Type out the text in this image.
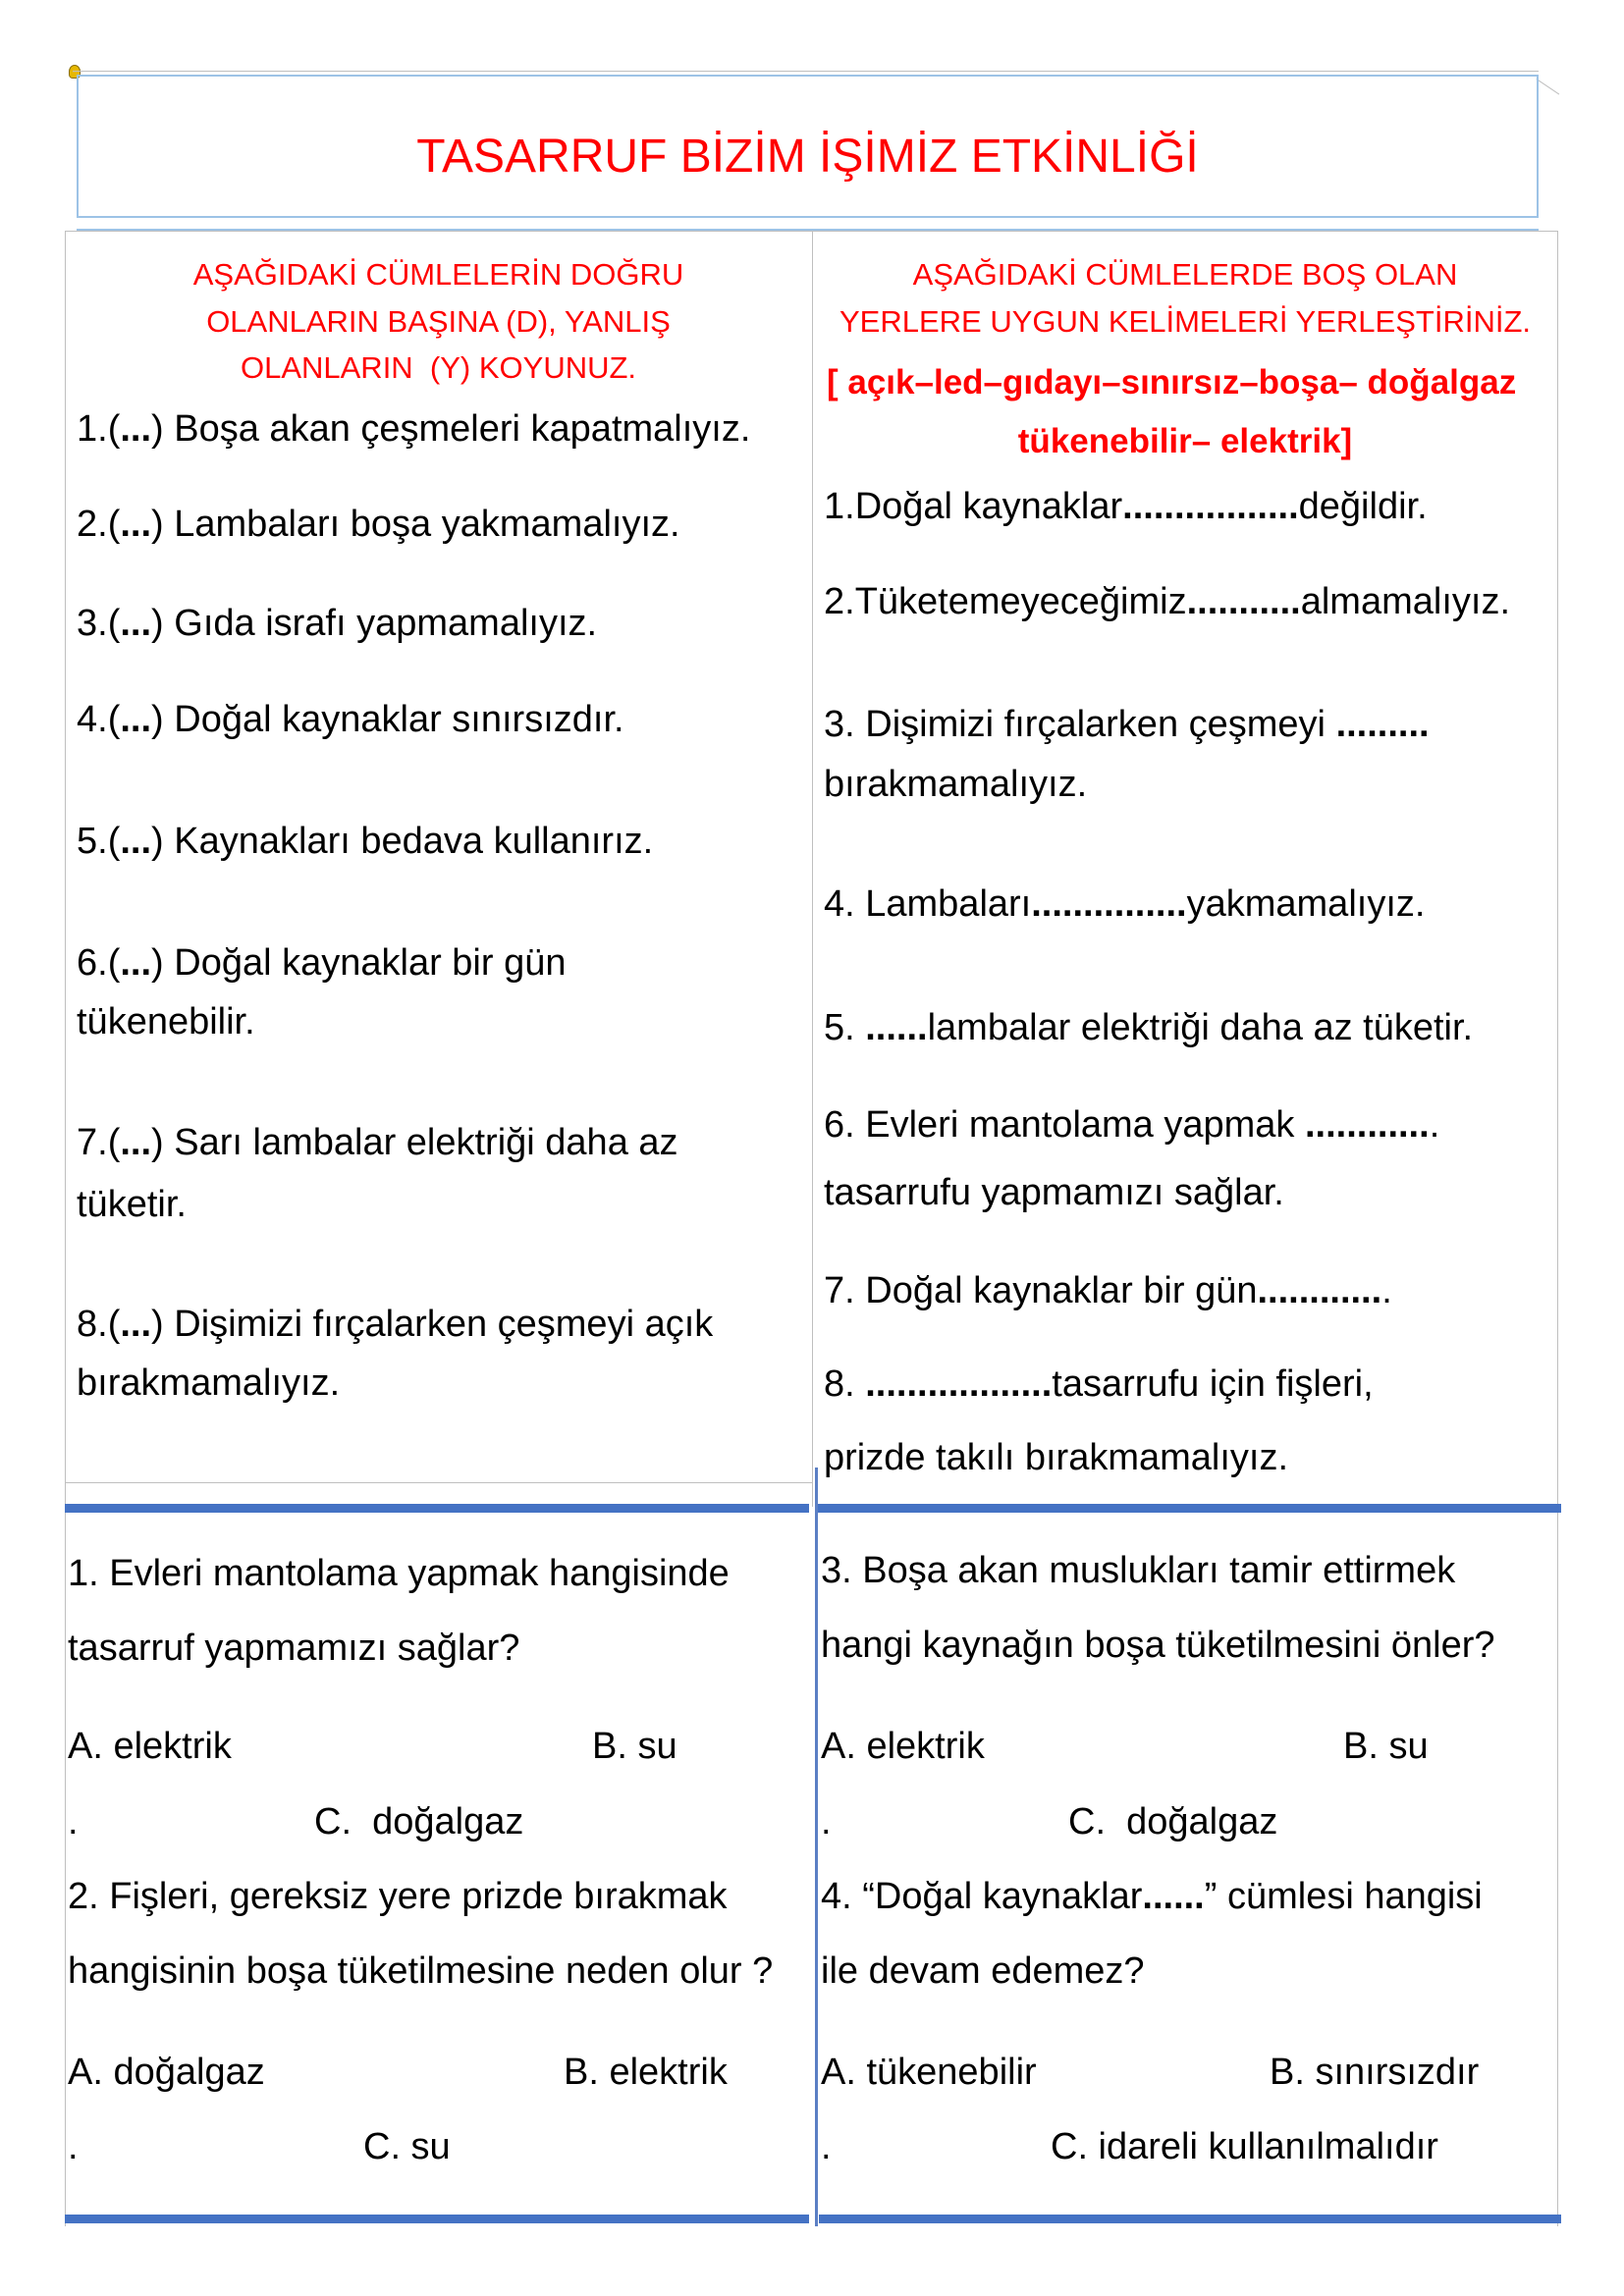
TASARRUF BİZİM İŞİMİZ ETKİNLİĞİ
AŞAĞIDAKİ CÜMLELERİN DOĞRU
OLANLARIN BAŞINA (D), YANLIŞ
OLANLARIN  (Y) KOYUNUZ.
1.(...) Boşa akan çeşmeleri kapatmalıyız.
2.(...) Lambaları boşa yakmamalıyız.
3.(...) Gıda israfı yapmamalıyız.
4.(...) Doğal kaynaklar sınırsızdır.
5.(...) Kaynakları bedava kullanırız.
6.(...) Doğal kaynaklar bir gün
tükenebilir.
7.(...) Sarı lambalar elektriği daha az
tüketir.
8.(...) Dişimizi fırçalarken çeşmeyi açık
bırakmamalıyız.
AŞAĞIDAKİ CÜMLELERDE BOŞ OLAN
YERLERE UYGUN KELİMELERİ YERLEŞTİRİNİZ.
[ açık–led–gıdayı–sınırsız–boşa– doğalgaz
tükenebilir– elektrik]
1.Doğal kaynaklar.................değildir.
2.Tüketemeyeceğimiz...........almamalıyız.
3. Dişimizi fırçalarken çeşmeyi .........
bırakmamalıyız.
4. Lambaları...............yakmamalıyız.
5. ......lambalar elektriği daha az tüketir.
6. Evleri mantolama yapmak .............
tasarrufu yapmamızı sağlar.
7. Doğal kaynaklar bir gün.............
8. ..................tasarrufu için fişleri,
prizde takılı bırakmamalıyız.
1. Evleri mantolama yapmak hangisinde
tasarruf yapmamızı sağlar?
A. elektrik	B. su
.	C.  doğalgaz
2. Fişleri, gereksiz yere prizde bırakmak
hangisinin boşa tüketilmesine neden olur ?
A. doğalgaz	B. elektrik
.	C. su
3. Boşa akan muslukları tamir ettirmek
hangi kaynağın boşa tüketilmesini önler?
A. elektrik	B. su
.	C.  doğalgaz
4. “Doğal kaynaklar......” cümlesi hangisi
ile devam edemez?
A. tükenebilir	B. sınırsızdır
.	C. idareli kullanılmalıdır
